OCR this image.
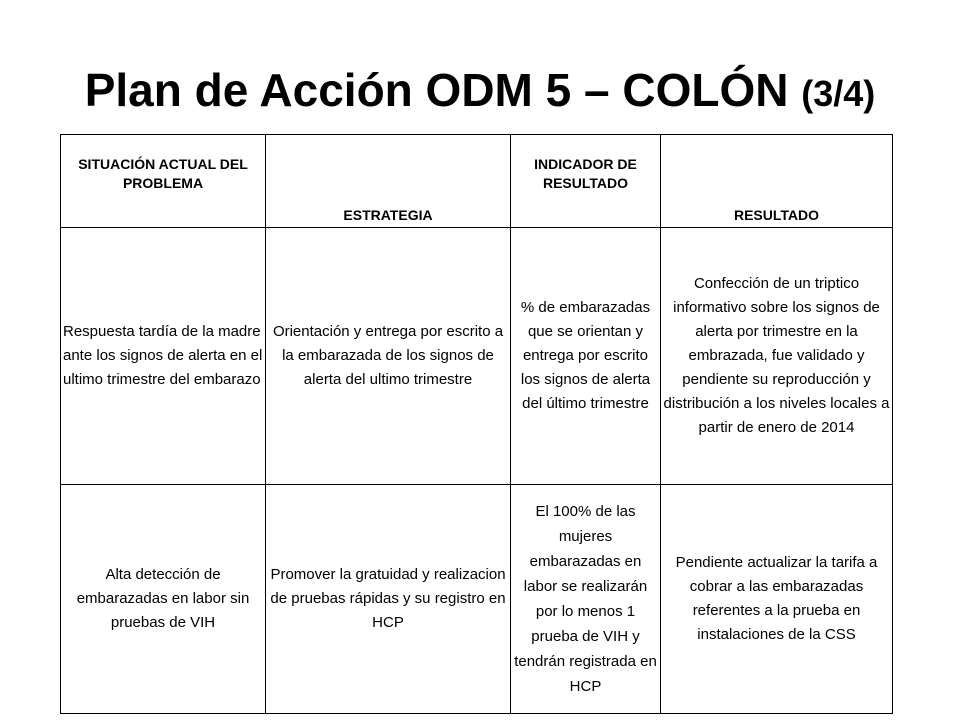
Plan de Acción ODM 5 – COLÓN (3/4)
SITUACIÓN ACTUAL DEL PROBLEMA	ESTRATEGIA	INDICADOR DE RESULTADO	RESULTADO
Respuesta tardía de la madre ante los signos de alerta en el ultimo trimestre del embarazo	Orientación y entrega por escrito a la embarazada de los signos de alerta del ultimo trimestre	% de embarazadas que se orientan y entrega por escrito los signos de alerta del último trimestre	Confección de un triptico informativo sobre los signos de alerta por trimestre en la embrazada, fue validado y pendiente su reproducción y distribución a los niveles locales a partir de enero de 2014
Alta detección de embarazadas en labor sin pruebas de VIH	Promover la gratuidad y realizacion de pruebas rápidas y su registro en HCP	El 100% de las mujeres embarazadas en labor se realizarán por lo menos 1 prueba de VIH y tendrán registrada en HCP	Pendiente actualizar la tarifa a cobrar a las embarazadas referentes a la prueba en instalaciones de la CSS
